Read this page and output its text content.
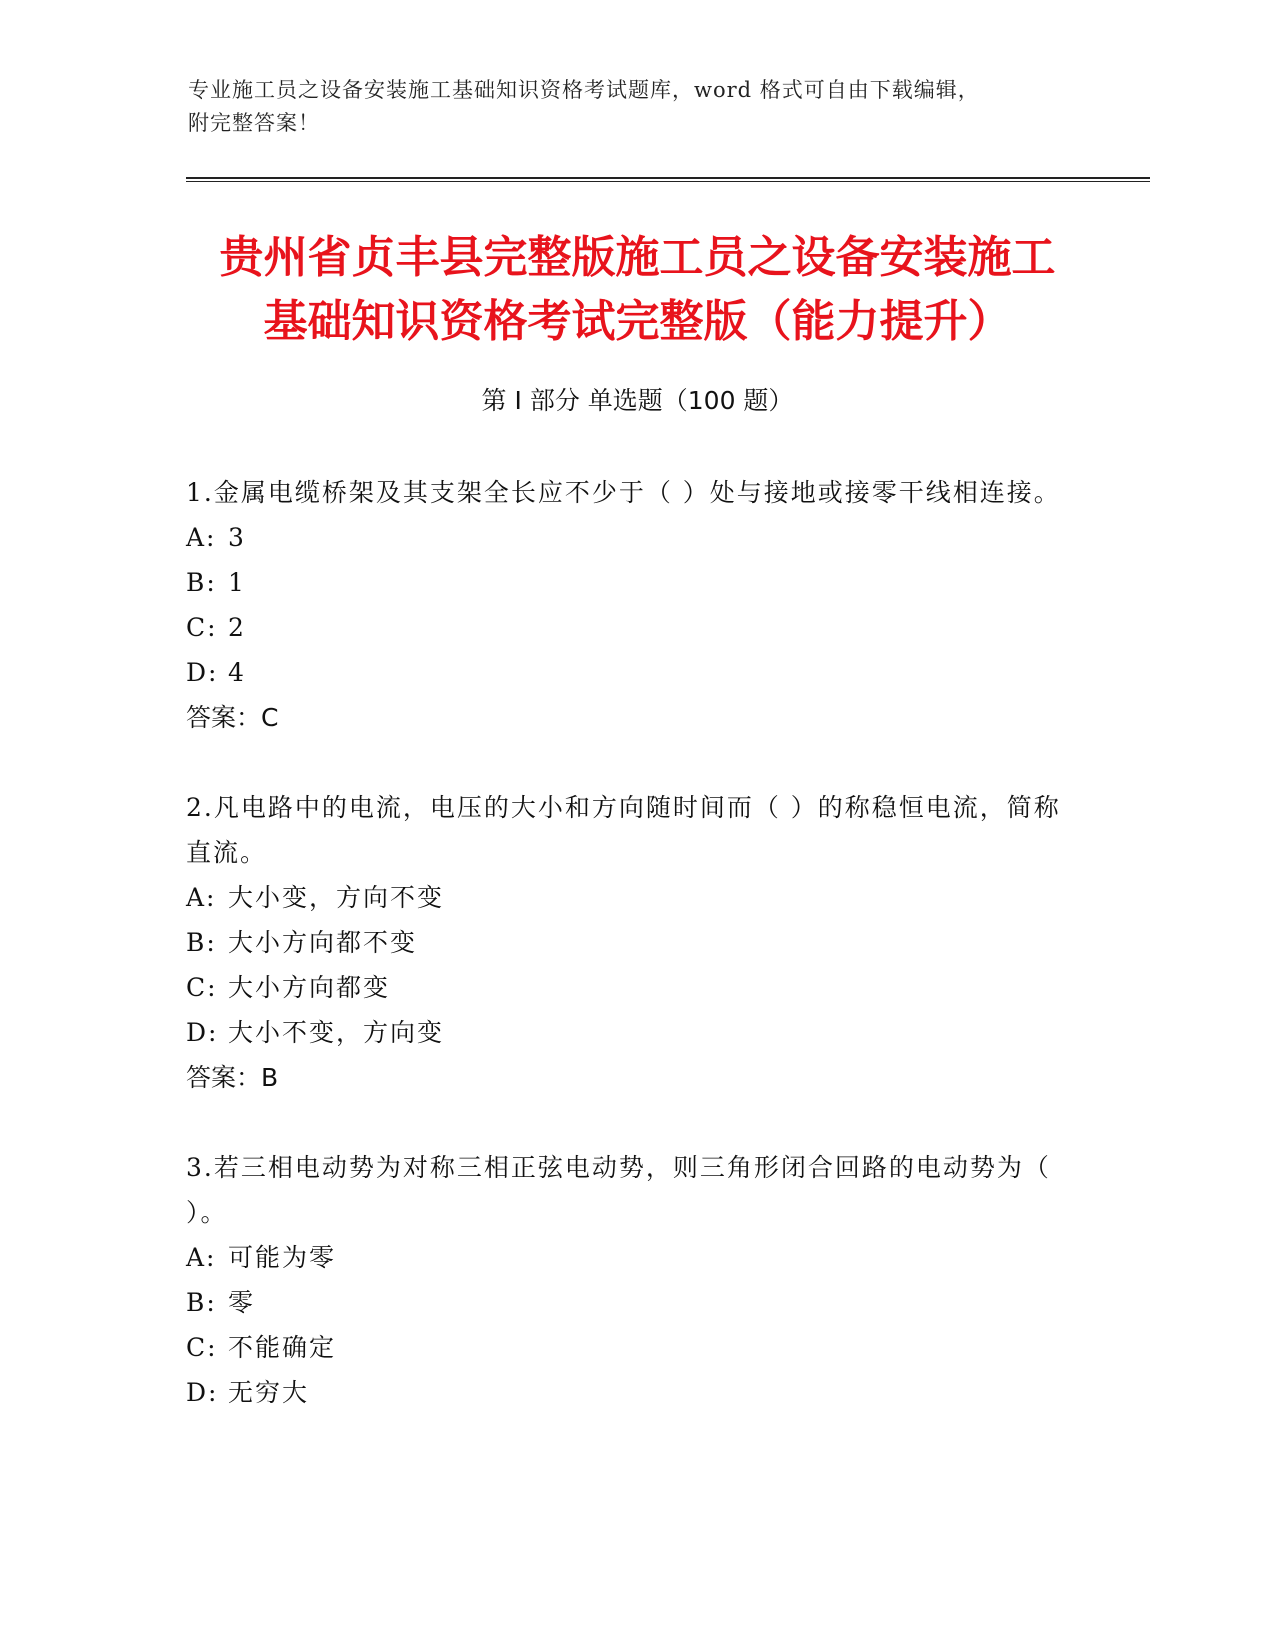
专业施工员之设备安装施工基础知识资格考试题库，word 格式可自由下载编辑，
附完整答案！
贵州省贞丰县完整版施工员之设备安装施工
基础知识资格考试完整版（能力提升）
第 I 部分 单选题（100 题）
1.金属电缆桥架及其支架全长应不少于（ ）处与接地或接零干线相连接。
A: 3
B: 1
C: 2
D: 4
答案：C
2.凡电路中的电流，电压的大小和方向随时间而（ ）的称稳恒电流，简称直流。
A: 大小变，方向不变
B: 大小方向都不变
C: 大小方向都变
D: 大小不变，方向变
答案：B
3.若三相电动势为对称三相正弦电动势，则三角形闭合回路的电动势为（ ）。
A: 可能为零
B: 零
C: 不能确定
D: 无穷大
